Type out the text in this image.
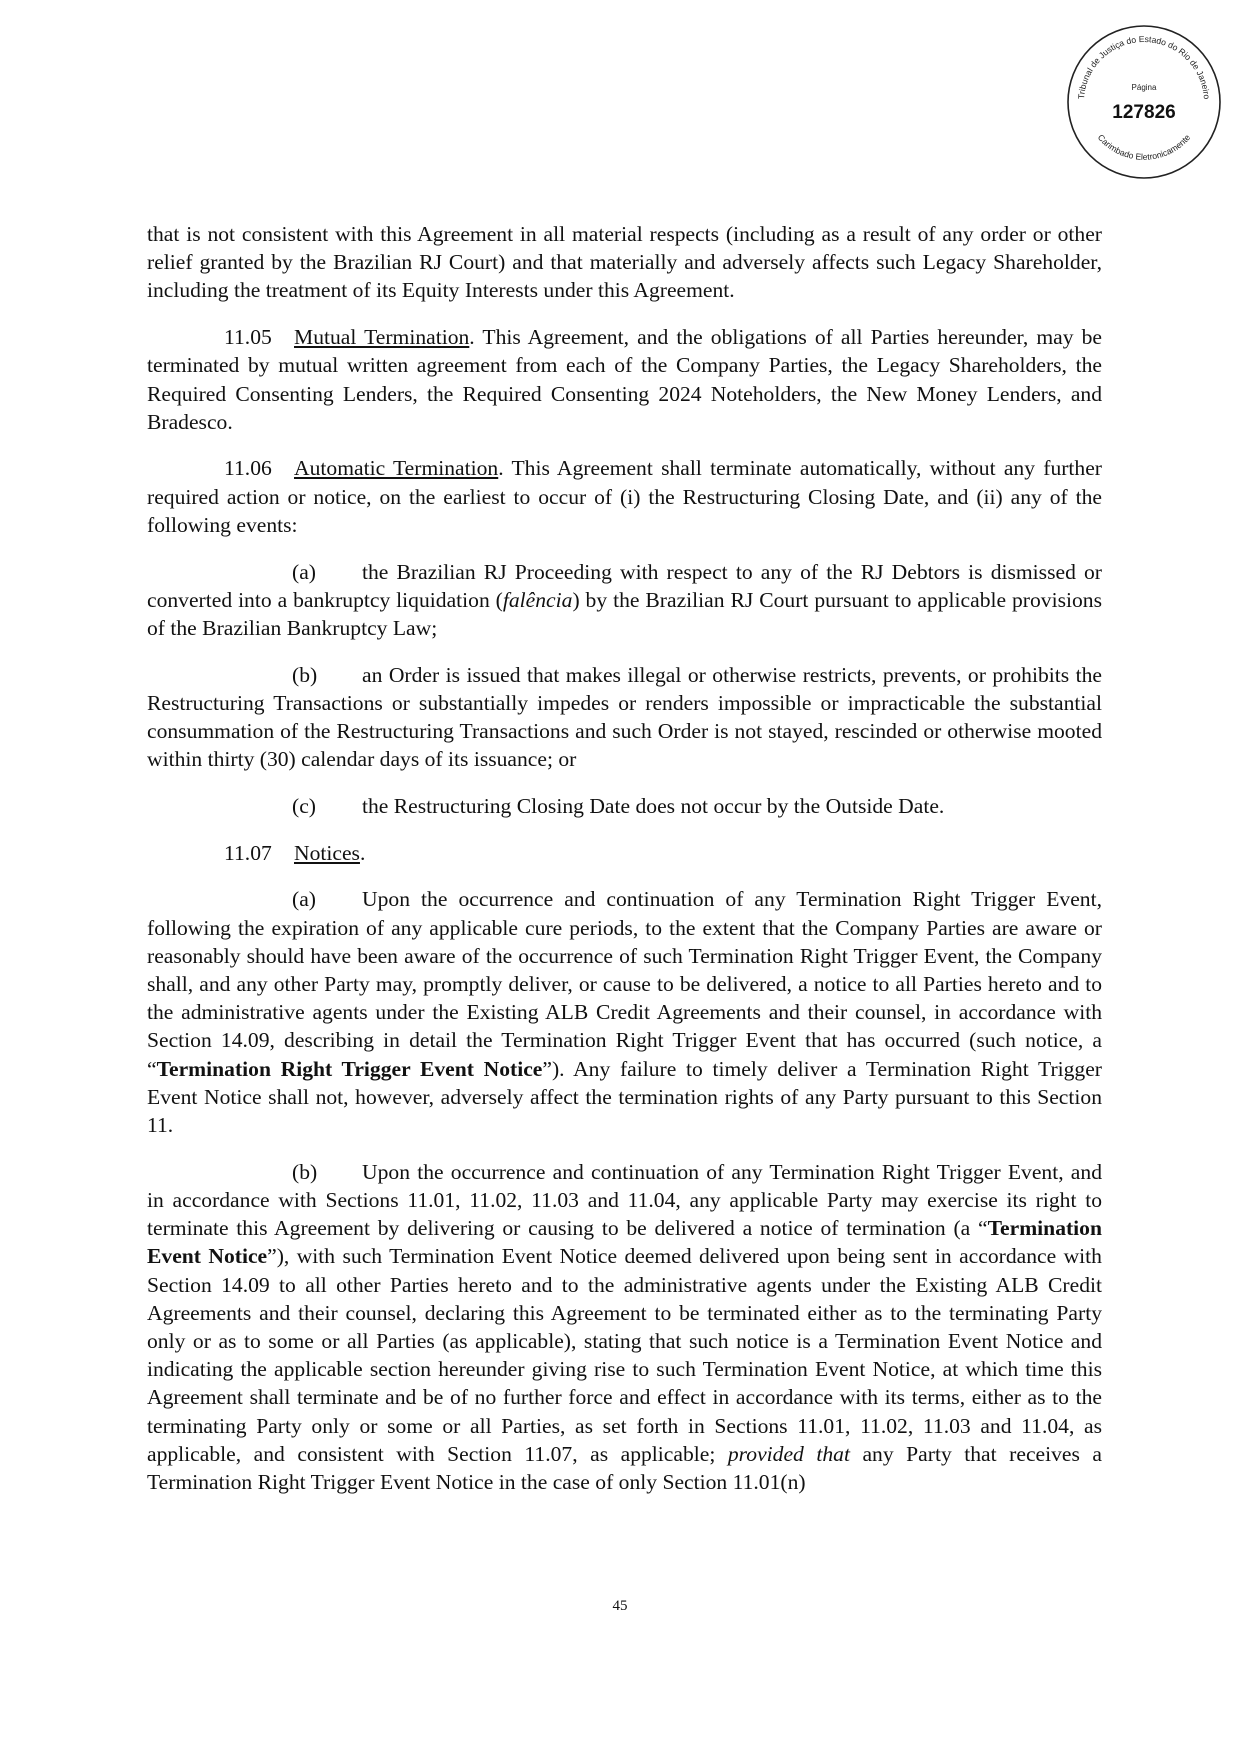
Tribunal de Justiça do Estado do Rio de Janeiro
Página
127826
Carimbado Eletronicamente

that is not consistent with this Agreement in all material respects (including as a result of any order or other relief granted by the Brazilian RJ Court) and that materially and adversely affects such Legacy Shareholder, including the treatment of its Equity Interests under this Agreement.

11.05 Mutual Termination. This Agreement, and the obligations of all Parties hereunder, may be terminated by mutual written agreement from each of the Company Parties, the Legacy Shareholders, the Required Consenting Lenders, the Required Consenting 2024 Noteholders, the New Money Lenders, and Bradesco.

11.06 Automatic Termination. This Agreement shall terminate automatically, without any further required action or notice, on the earliest to occur of (i) the Restructuring Closing Date, and (ii) any of the following events:

(a) the Brazilian RJ Proceeding with respect to any of the RJ Debtors is dismissed or converted into a bankruptcy liquidation (falência) by the Brazilian RJ Court pursuant to applicable provisions of the Brazilian Bankruptcy Law;

(b) an Order is issued that makes illegal or otherwise restricts, prevents, or prohibits the Restructuring Transactions or substantially impedes or renders impossible or impracticable the substantial consummation of the Restructuring Transactions and such Order is not stayed, rescinded or otherwise mooted within thirty (30) calendar days of its issuance; or

(c) the Restructuring Closing Date does not occur by the Outside Date.

11.07 Notices.

(a) Upon the occurrence and continuation of any Termination Right Trigger Event, following the expiration of any applicable cure periods, to the extent that the Company Parties are aware or reasonably should have been aware of the occurrence of such Termination Right Trigger Event, the Company shall, and any other Party may, promptly deliver, or cause to be delivered, a notice to all Parties hereto and to the administrative agents under the Existing ALB Credit Agreements and their counsel, in accordance with Section 14.09, describing in detail the Termination Right Trigger Event that has occurred (such notice, a “Termination Right Trigger Event Notice”). Any failure to timely deliver a Termination Right Trigger Event Notice shall not, however, adversely affect the termination rights of any Party pursuant to this Section 11.

(b) Upon the occurrence and continuation of any Termination Right Trigger Event, and in accordance with Sections 11.01, 11.02, 11.03 and 11.04, any applicable Party may exercise its right to terminate this Agreement by delivering or causing to be delivered a notice of termination (a “Termination Event Notice”), with such Termination Event Notice deemed delivered upon being sent in accordance with Section 14.09 to all other Parties hereto and to the administrative agents under the Existing ALB Credit Agreements and their counsel, declaring this Agreement to be terminated either as to the terminating Party only or as to some or all Parties (as applicable), stating that such notice is a Termination Event Notice and indicating the applicable section hereunder giving rise to such Termination Event Notice, at which time this Agreement shall terminate and be of no further force and effect in accordance with its terms, either as to the terminating Party only or some or all Parties, as set forth in Sections 11.01, 11.02, 11.03 and 11.04, as applicable, and consistent with Section 11.07, as applicable; provided that any Party that receives a Termination Right Trigger Event Notice in the case of only Section 11.01(n)

45
